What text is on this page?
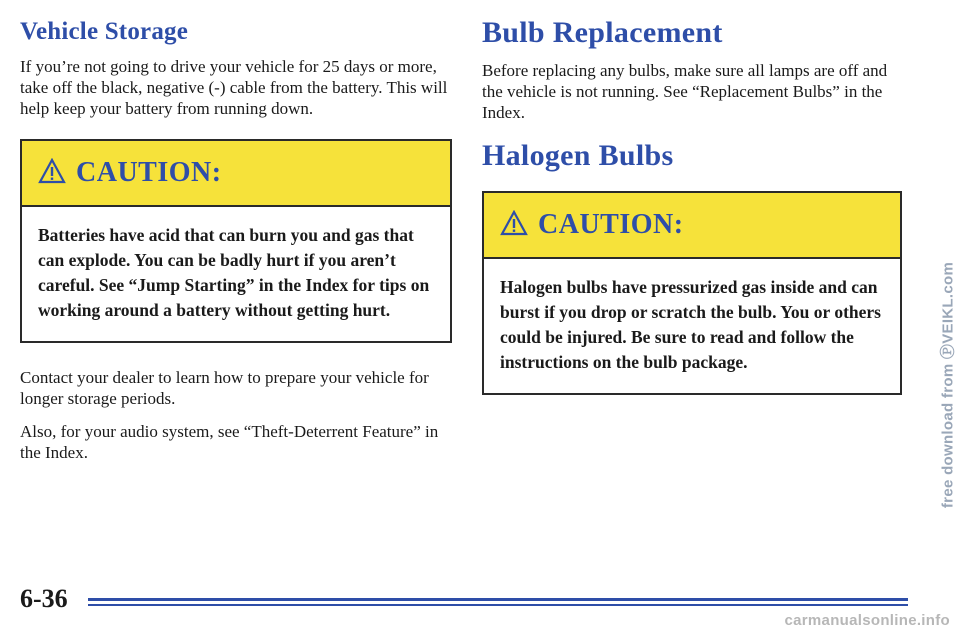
Vehicle Storage

If you’re not going to drive your vehicle for 25 days or more, take off the black, negative (-) cable from the battery. This will help keep your battery from running down.

CAUTION:
Batteries have acid that can burn you and gas that can explode. You can be badly hurt if you aren’t careful. See “Jump Starting” in the Index for tips on working around a battery without getting hurt.

Contact your dealer to learn how to prepare your vehicle for longer storage periods.

Also, for your audio system, see “Theft-Deterrent Feature” in the Index.

Bulb Replacement

Before replacing any bulbs, make sure all lamps are off and the vehicle is not running. See “Replacement Bulbs” in the Index.

Halogen Bulbs
CAUTION:
Halogen bulbs have pressurized gas inside and can burst if you drop or scratch the bulb. You or others could be injured. Be sure to read and follow the instructions on the bulb package.
6-36
free download from ⓅVEIKL.com
carmanualsonline.info
